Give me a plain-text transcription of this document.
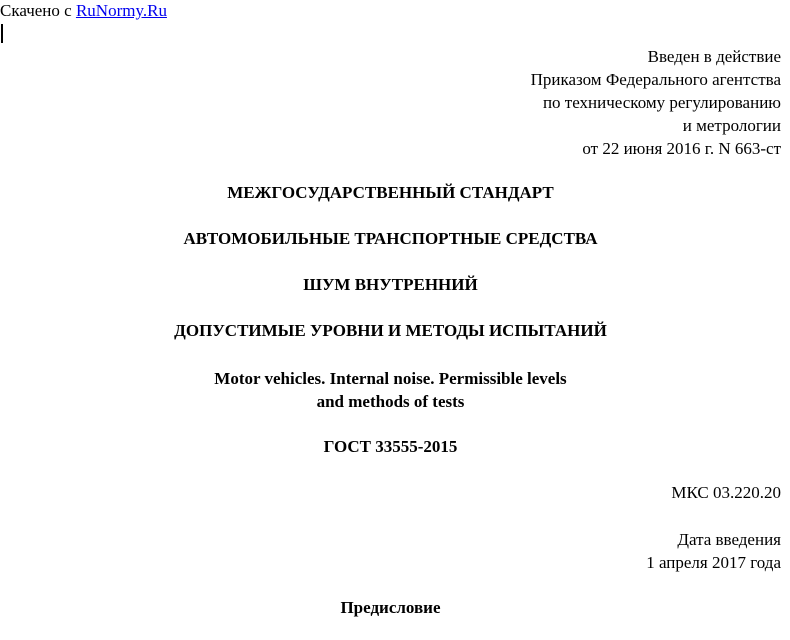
Скачено с RuNormy.Ru
Введен в действие
Приказом Федерального агентства
по техническому регулированию
и метрологии
от 22 июня 2016 г. N 663-ст
МЕЖГОСУДАРСТВЕННЫЙ СТАНДАРТ
АВТОМОБИЛЬНЫЕ ТРАНСПОРТНЫЕ СРЕДСТВА
ШУМ ВНУТРЕННИЙ
ДОПУСТИМЫЕ УРОВНИ И МЕТОДЫ ИСПЫТАНИЙ
Motor vehicles. Internal noise. Permissible levels
and methods of tests
ГОСТ 33555-2015
МКС 03.220.20
Дата введения
1 апреля 2017 года
Предисловие
